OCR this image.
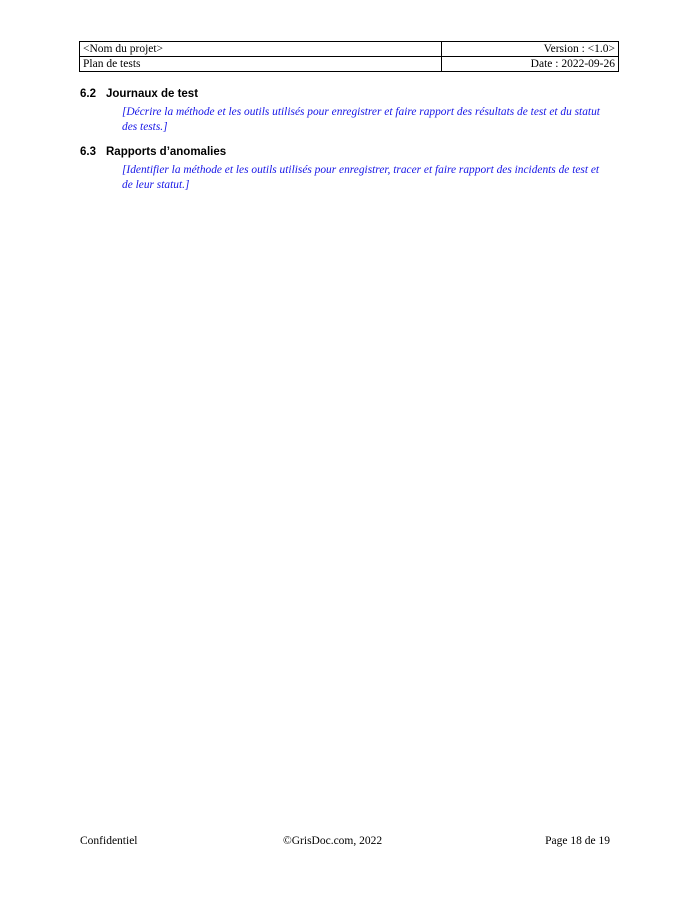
<Nom du projet>	Version : <1.0>
Plan de tests	Date : 2022-09-26
6.2 Journaux de test

[Décrire la méthode et les outils utilisés pour enregistrer et faire rapport des résultats de test et du statut des tests.]

6.3 Rapports d’anomalies

[Identifier la méthode et les outils utilisés pour enregistrer, tracer et faire rapport des incidents de test et de leur statut.]

Confidentiel	©GrisDoc.com, 2022	Page 18 de 19
